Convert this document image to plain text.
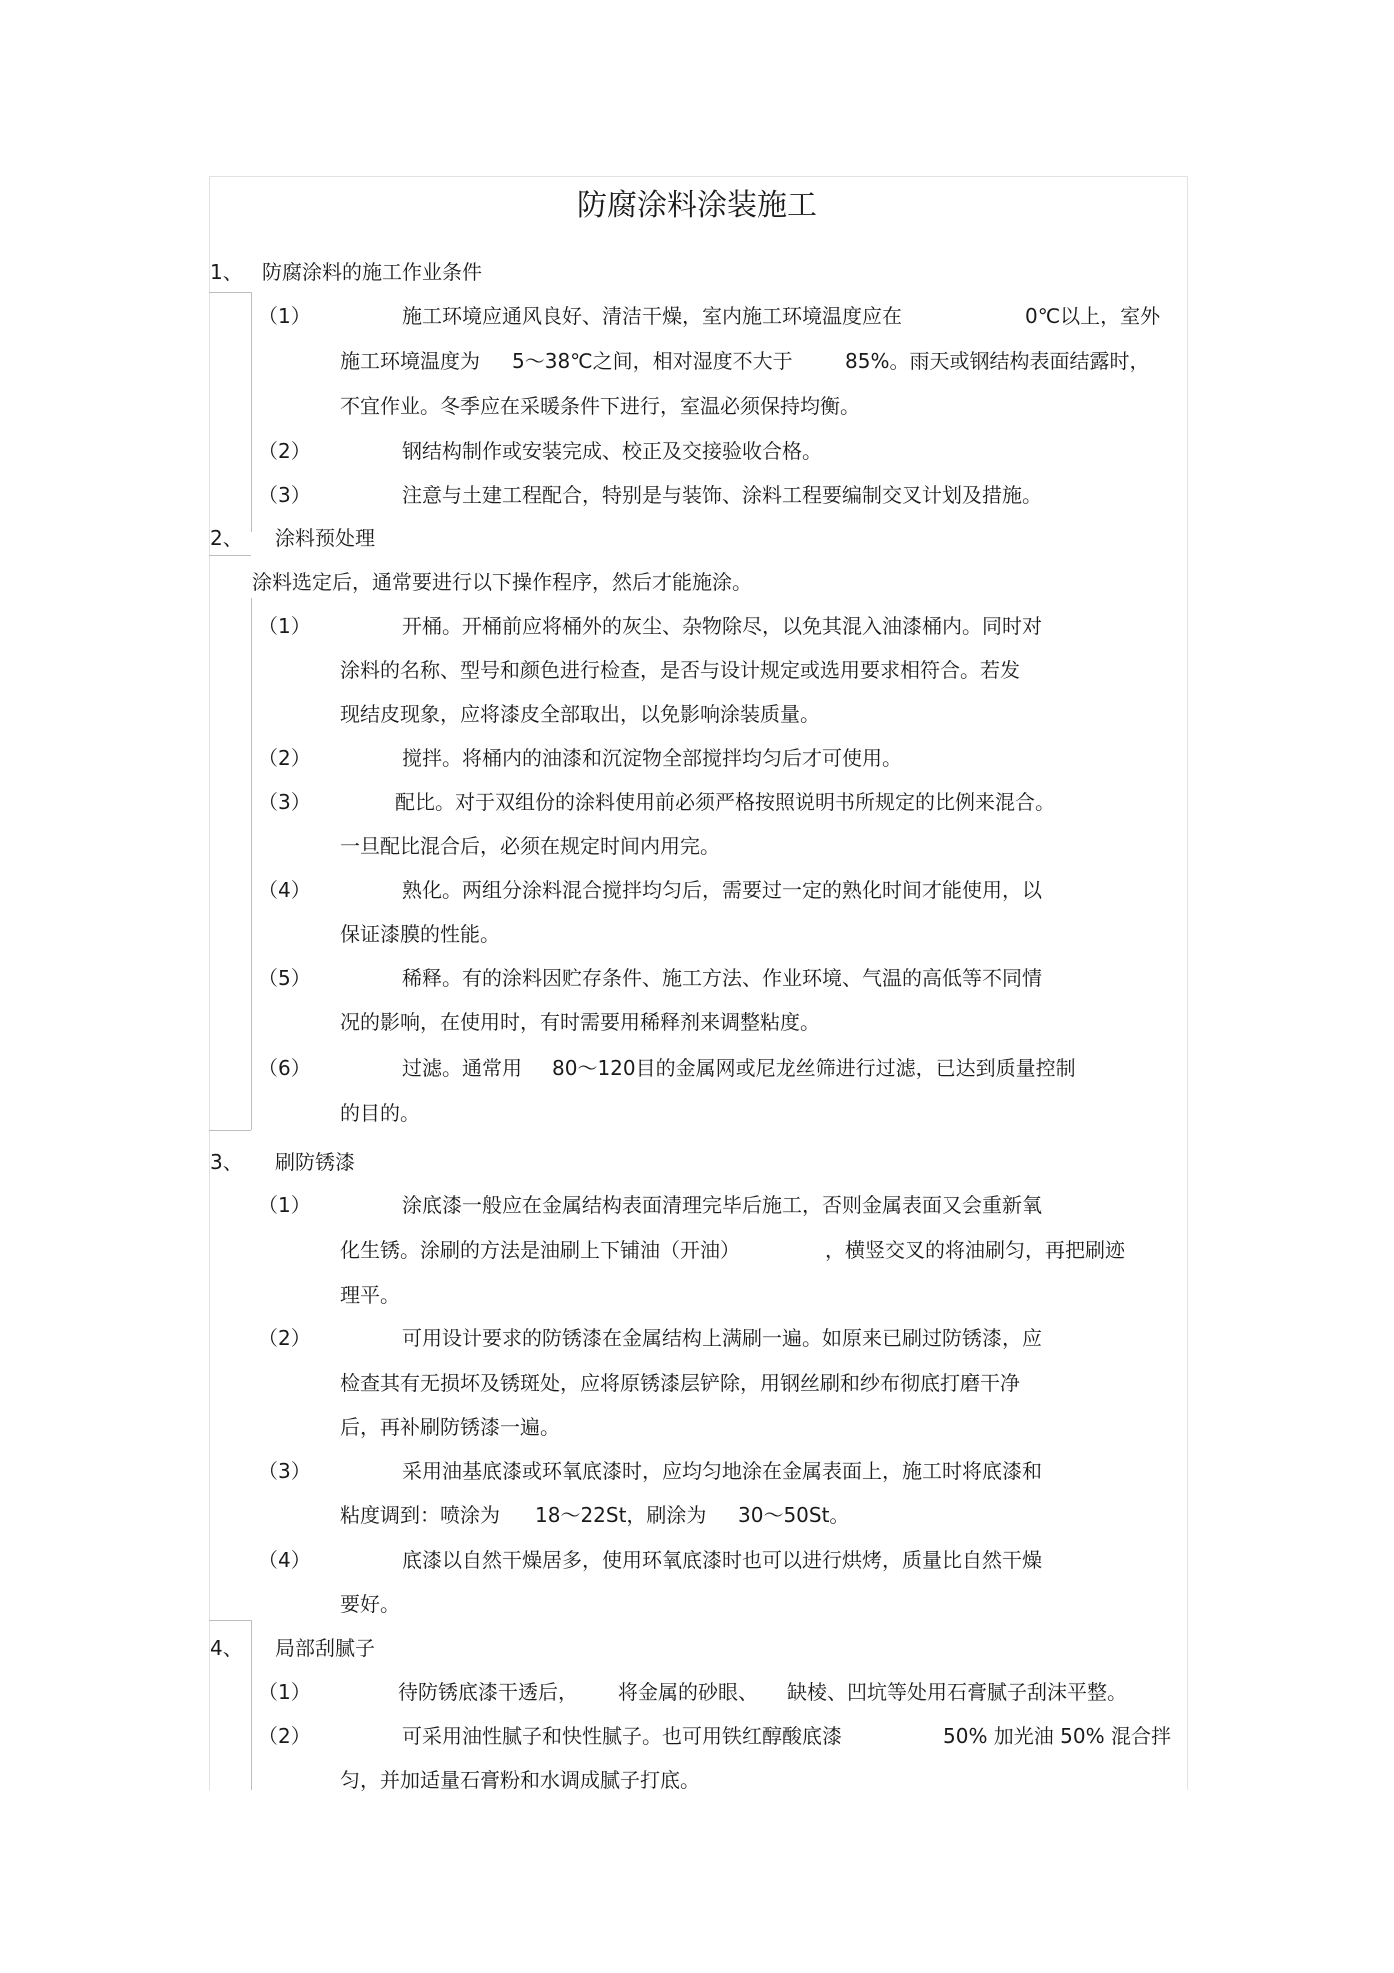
防腐涂料涂装施工
1、 防腐涂料的施工作业条件
（1）	施工环境应通风良好、清洁干燥，室内施工环境温度应在	0℃以上，室外
施工环境温度为 5～38℃之间，相对湿度不大于	85%。雨天或钢结构表面结露时，
不宜作业。冬季应在采暖条件下进行，室温必须保持均衡。
（2）	钢结构制作或安装完成、校正及交接验收合格。
（3）	注意与土建工程配合，特别是与装饰、涂料工程要编制交叉计划及措施。
2、 涂料预处理
涂料选定后，通常要进行以下操作程序，然后才能施涂。
（1）	开桶。开桶前应将桶外的灰尘、杂物除尽，以免其混入油漆桶内。同时对
涂料的名称、型号和颜色进行检查，是否与设计规定或选用要求相符合。若发
现结皮现象，应将漆皮全部取出，以免影响涂装质量。
（2）	搅拌。将桶内的油漆和沉淀物全部搅拌均匀后才可使用。
（3）	配比。对于双组份的涂料使用前必须严格按照说明书所规定的比例来混合。
一旦配比混合后，必须在规定时间内用完。
（4）	熟化。两组分涂料混合搅拌均匀后，需要过一定的熟化时间才能使用，以
保证漆膜的性能。
（5）	稀释。有的涂料因贮存条件、施工方法、作业环境、气温的高低等不同情
况的影响，在使用时，有时需要用稀释剂来调整粘度。
（6）	过滤。通常用 80～120目的金属网或尼龙丝筛进行过滤，已达到质量控制
的目的。
3、 刷防锈漆
（1）	涂底漆一般应在金属结构表面清理完毕后施工，否则金属表面又会重新氧
化生锈。涂刷的方法是油刷上下铺油（开油）	，横竖交叉的将油刷匀，再把刷迹
理平。
（2）	可用设计要求的防锈漆在金属结构上满刷一遍。如原来已刷过防锈漆，应
检查其有无损坏及锈斑处，应将原锈漆层铲除，用钢丝刷和纱布彻底打磨干净
后，再补刷防锈漆一遍。
（3）	采用油基底漆或环氧底漆时，应均匀地涂在金属表面上，施工时将底漆和
粘度调到：喷涂为 18～22St，刷涂为 30～50St。
（4）	底漆以自然干燥居多，使用环氧底漆时也可以进行烘烤，质量比自然干燥
要好。
4、 局部刮腻子
（1）	待防锈底漆干透后， 将金属的砂眼、 缺棱、凹坑等处用石膏腻子刮沫平整。
（2）	可采用油性腻子和快性腻子。也可用铁红醇酸底漆	50% 加光油 50% 混合拌
匀，并加适量石膏粉和水调成腻子打底。
